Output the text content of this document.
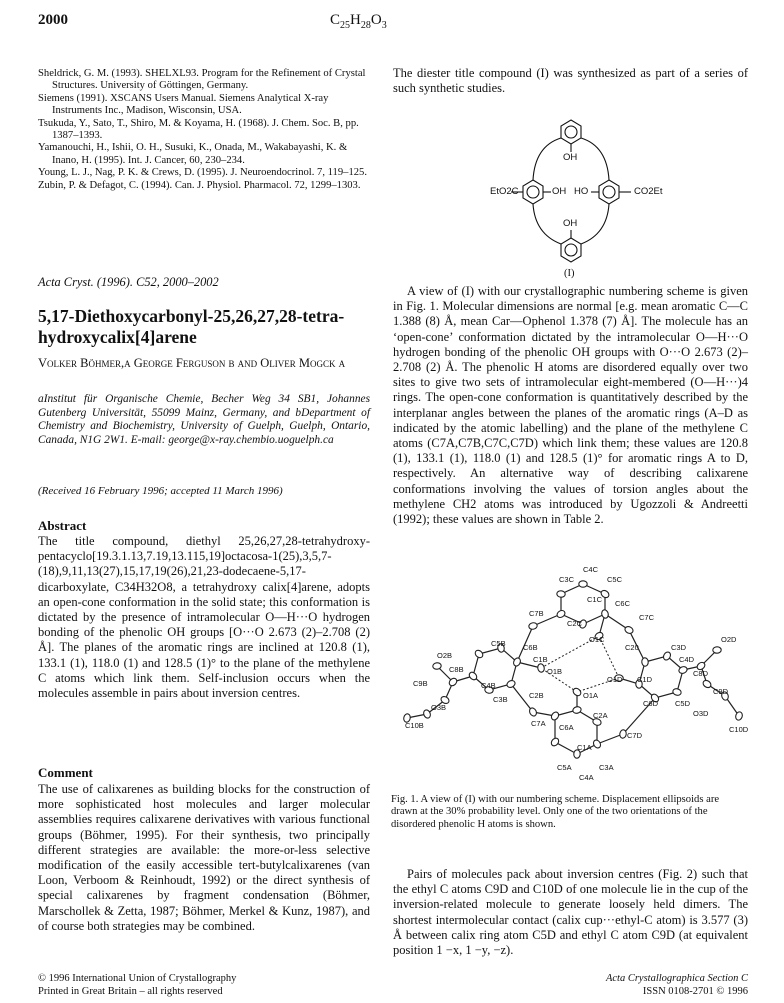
2000	$C_{25}H_{28}O_3$

Sheldrick, G. M. (1993). SHELXL93. Program for the Refinement of Crystal Structures. University of Göttingen, Germany.

Siemens (1991). XSCANS Users Manual. Siemens Analytical X-ray Instruments Inc., Madison, Wisconsin, USA.

Tsukuda, Y., Sato, T., Shiro, M. & Koyama, H. (1968). J. Chem. Soc. B, pp. 1387–1393.

Yamanouchi, H., Ishii, O. H., Susuki, K., Onada, M., Wakabayashi, K. & Inano, H. (1995). Int. J. Cancer, 60, 230–234.

Young, L. J., Nag, P. K. & Crews, D. (1995). J. Neuroendocrinol. 7, 119–125.

Zubin, P. & Defagot, C. (1994). Can. J. Physiol. Pharmacol. 72, 1299–1303.

Acta Cryst. (1996). C52, 2000–2002
5,17-Diethoxycarbonyl-25,26,27,28-tetra-hydroxycalix[4]arene
Volker Böhmer,a George Ferguson b and Oliver Mogck a
aInstitut für Organische Chemie, Becher Weg 34 SB1, Johannes Gutenberg Universität, 55099 Mainz, Germany, and bDepartment of Chemistry and Biochemistry, University of Guelph, Guelph, Ontario, Canada, N1G 2W1. E-mail: george@x-ray.chembio.uoguelph.ca
(Received 16 February 1996; accepted 11 March 1996)
Abstract

The title compound, diethyl 25,26,27,28-tetrahydroxy-pentacyclo[19.3.1.13,7.19,13.115,19]octacosa-1(25),3,5,7-(18),9,11,13(27),15,17,19(26),21,23-dodecaene-5,17-dicarboxylate, C34H32O8, a tetrahydroxy calix[4]arene, adopts an open-cone conformation in the solid state; this conformation is dictated by the presence of intramolecular O—H···O hydrogen bonding of the phenolic OH groups [O···O 2.673 (2)–2.708 (2) Å]. The planes of the aromatic rings are inclined at 120.8 (1), 133.1 (1), 118.0 (1) and 128.5 (1)° to the plane of the methylene C atoms which link them. Self-inclusion occurs when the molecules assemble in pairs about inversion centres.

Comment

The use of calixarenes as building blocks for the construction of more sophisticated host molecules and larger molecular assemblies requires calixarene derivatives with various functional groups (Böhmer, 1995). For their synthesis, two principally different strategies are available: the more-or-less selective modification of the easily accessible tert-butylcalixarenes (van Loon, Verboom & Reinhoudt, 1992) or the direct synthesis of special calixarenes by fragment condensation (Böhmer, Marschollek & Zetta, 1987; Böhmer, Merkel & Kunz, 1987), and of course both strategies may be combined.

The diester title compound (I) was synthesized as part of a series of such synthetic studies.
EtO2C	CO2Et
OH
OH HO
OH
(I)

A view of (I) with our crystallographic numbering scheme is given in Fig. 1. Molecular dimensions are normal [e.g. mean aromatic C—C 1.388 (8) Å, mean Car—Ophenol 1.378 (7) Å]. The molecule has an ‘open-cone’ conformation dictated by the intramolecular O—H···O hydrogen bonding of the phenolic OH groups with O···O 2.673 (2)–2.708 (2) Å. The phenolic H atoms are disordered equally over two sites to give two sets of intramolecular eight-membered (O—H···)4 rings. The open-cone conformation is quantitatively described by the interplanar angles between the planes of the aromatic rings (A–D as indicated by the atomic labelling) and the plane of the methylene C atoms (C7A,C7B,C7C,C7D) which link them; these values are 120.8 (1), 133.1 (1), 118.0 (1) and 128.5 (1)° for aromatic rings A to D, respectively. An alternative way of describing calixarene conformations involving the values of torsion angles about the methylene CH2 atoms was introduced by Ugozzoli & Andreetti (1992); these values are shown in Table 2.

C4C
C3C	C5C
C1C C6C
C7B
C2C
C7C
O2B
C5B C6B
O1C
C20	C3D
O2D
C1B	C4D
C8B	O1B
O1D C1D
C8D
C9B	C4B
C9D
C3B	C2B	O1A
C6D C5D
O3B
O3D
C10B	C7A C6A
C2A
C7D
C10D
C1A
C5A	C3A
C4A
Fig. 1. A view of (I) with our numbering scheme. Displacement ellipsoids are drawn at the 30% probability level. Only one of the two orientations of the disordered phenolic H atoms is shown.

Pairs of molecules pack about inversion centres (Fig. 2) such that the ethyl C atoms C9D and C10D of one molecule lie in the cup of the inversion-related molecule to generate loosely held dimers. The shortest intermolecular contact (calix cup···ethyl-C atom) is 3.577 (3) Å between calix ring atom C5D and ethyl C atom C9D (at equivalent position 1 −x, 1 −y, −z).

© 1996 International Union of Crystallography
Printed in Great Britain – all rights reserved
Acta Crystallographica Section C
ISSN 0108-2701 © 1996
